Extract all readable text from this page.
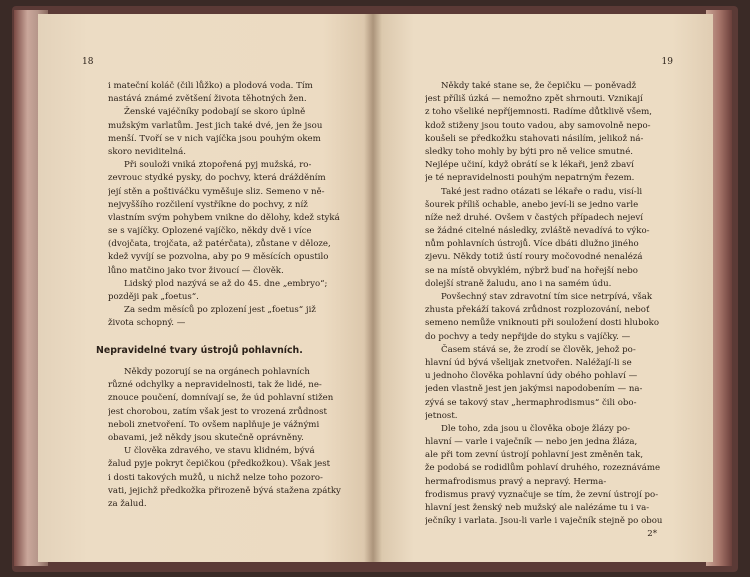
18
i mateční koláč (čili lůžko) a plodová voda. Tím
nastává známé zvětšení života těhotných žen.
Ženské vajéčníky podobají se skoro úplně
mužským varlatům. Jest jich také dvé, jen že jsou
menší. Tvoří se v nich vajíčka jsou pouhým okem
skoro neviditelná.
Při souloži vniká ztopořená pyj mužská, ro-
zevrouc stydké pysky, do pochvy, která drážděním
její stěn a poštiváčku vyměšuje sliz. Semeno v ně-
nejvyššího rozčilení vystříkne do pochvy, z níž
vlastním svým pohybem vnikne do dělohy, kdež styká
se s vajíčky. Oplozené vajíčko, někdy dvě i více
(dvojčata, trojčata, až patérčata), zůstane v děloze,
kdež vyvíjí se pozvolna, aby po 9 měsících opustilo
lůno matčino jako tvor živoucí — člověk.
Lidský plod nazývá se až do 45. dne „embryo“;
později pak „foetus“.
Za sedm měsíců po zplození jest „foetus“ již
života schopný. —
Nepravidelné tvary ústrojů pohlavních.
Někdy pozorují se na orgánech pohlavních
různé odchylky a nepravidelnosti, tak že lidé, ne-
znouce poučení, domnívají se, že úd pohlavní stižen
jest chorobou, zatím však jest to vrozená zrůdnost
neboli znetvoření. To ovšem naplňuje je vážnými
obavami, jež někdy jsou skutečně oprávněny.
U člověka zdravého, ve stavu klidném, bývá
žalud pyje pokryt čepičkou (předkožkou). Však jest
i dosti takových mužů, u nichž nelze toho pozoro-
vati, jejichž předkožka přirozeně bývá stažena zpátky
za žalud.
19
Někdy také stane se, že čepičku — poněvadž
jest příliš úzká — nemožno zpět shrnouti. Vznikají
z toho všeliké nepříjemnosti. Radíme důtklivě všem,
kdož stiženy jsou touto vadou, aby samovolně nepo-
koušeli se předkožku stahovati násilím, jelikož ná-
sledky toho mohly by býti pro ně velice smutné.
Nejlépe učiní, když obrátí se k lékaři, jenž zbaví
je té nepravidelnosti pouhým nepatrným řezem.
Také jest radno otázati se lékaře o radu, visí-li
šourek příliš ochable, anebo jeví-li se jedno varle
níže než druhé. Ovšem v častých případech nejeví
se žádné citelné následky, zvláště nevadívá to výko-
nům pohlavních ústrojů. Více dbáti dlužno jiného
zjevu. Někdy totiž ústí roury močovodné nenalézá
se na místě obvyklém, nýbrž buď na hořejší nebo
dolejší straně žaludu, ano i na samém údu.
Povšechný stav zdravotní tím sice netrpívá, však
zhusta překáží taková zrůdnost rozplozování, neboť
semeno nemůže vniknouti při souložení dosti hluboko
do pochvy a tedy nepřijde do styku s vajíčky. —
Časem stává se, že zrodí se člověk, jehož po-
hlavní úd bývá všelijak znetvořen. Naléžají-li se
u jednoho člověka pohlavní údy obého pohlaví —
jeden vlastně jest jen jakýmsi napodobením — na-
zývá se takový stav „hermaphrodismus“ čili obo-
jetnost.
Dle toho, zda jsou u člověka oboje žlázy po-
hlavní — varle i vaječník — nebo jen jedna žláza,
ale při tom zevní ústrojí pohlavní jest změněn tak,
že podobá se rodidlům pohlaví druhého, rozeznáváme
hermafrodismus pravý a nepravý. Herma-
frodismus pravý vyznačuje se tím, že zevní ústrojí po-
hlavní jest ženský neb mužský ale nalézáme tu i va-
ječníky i varlata. Jsou-li varle i vaječník stejně po obou
2*
